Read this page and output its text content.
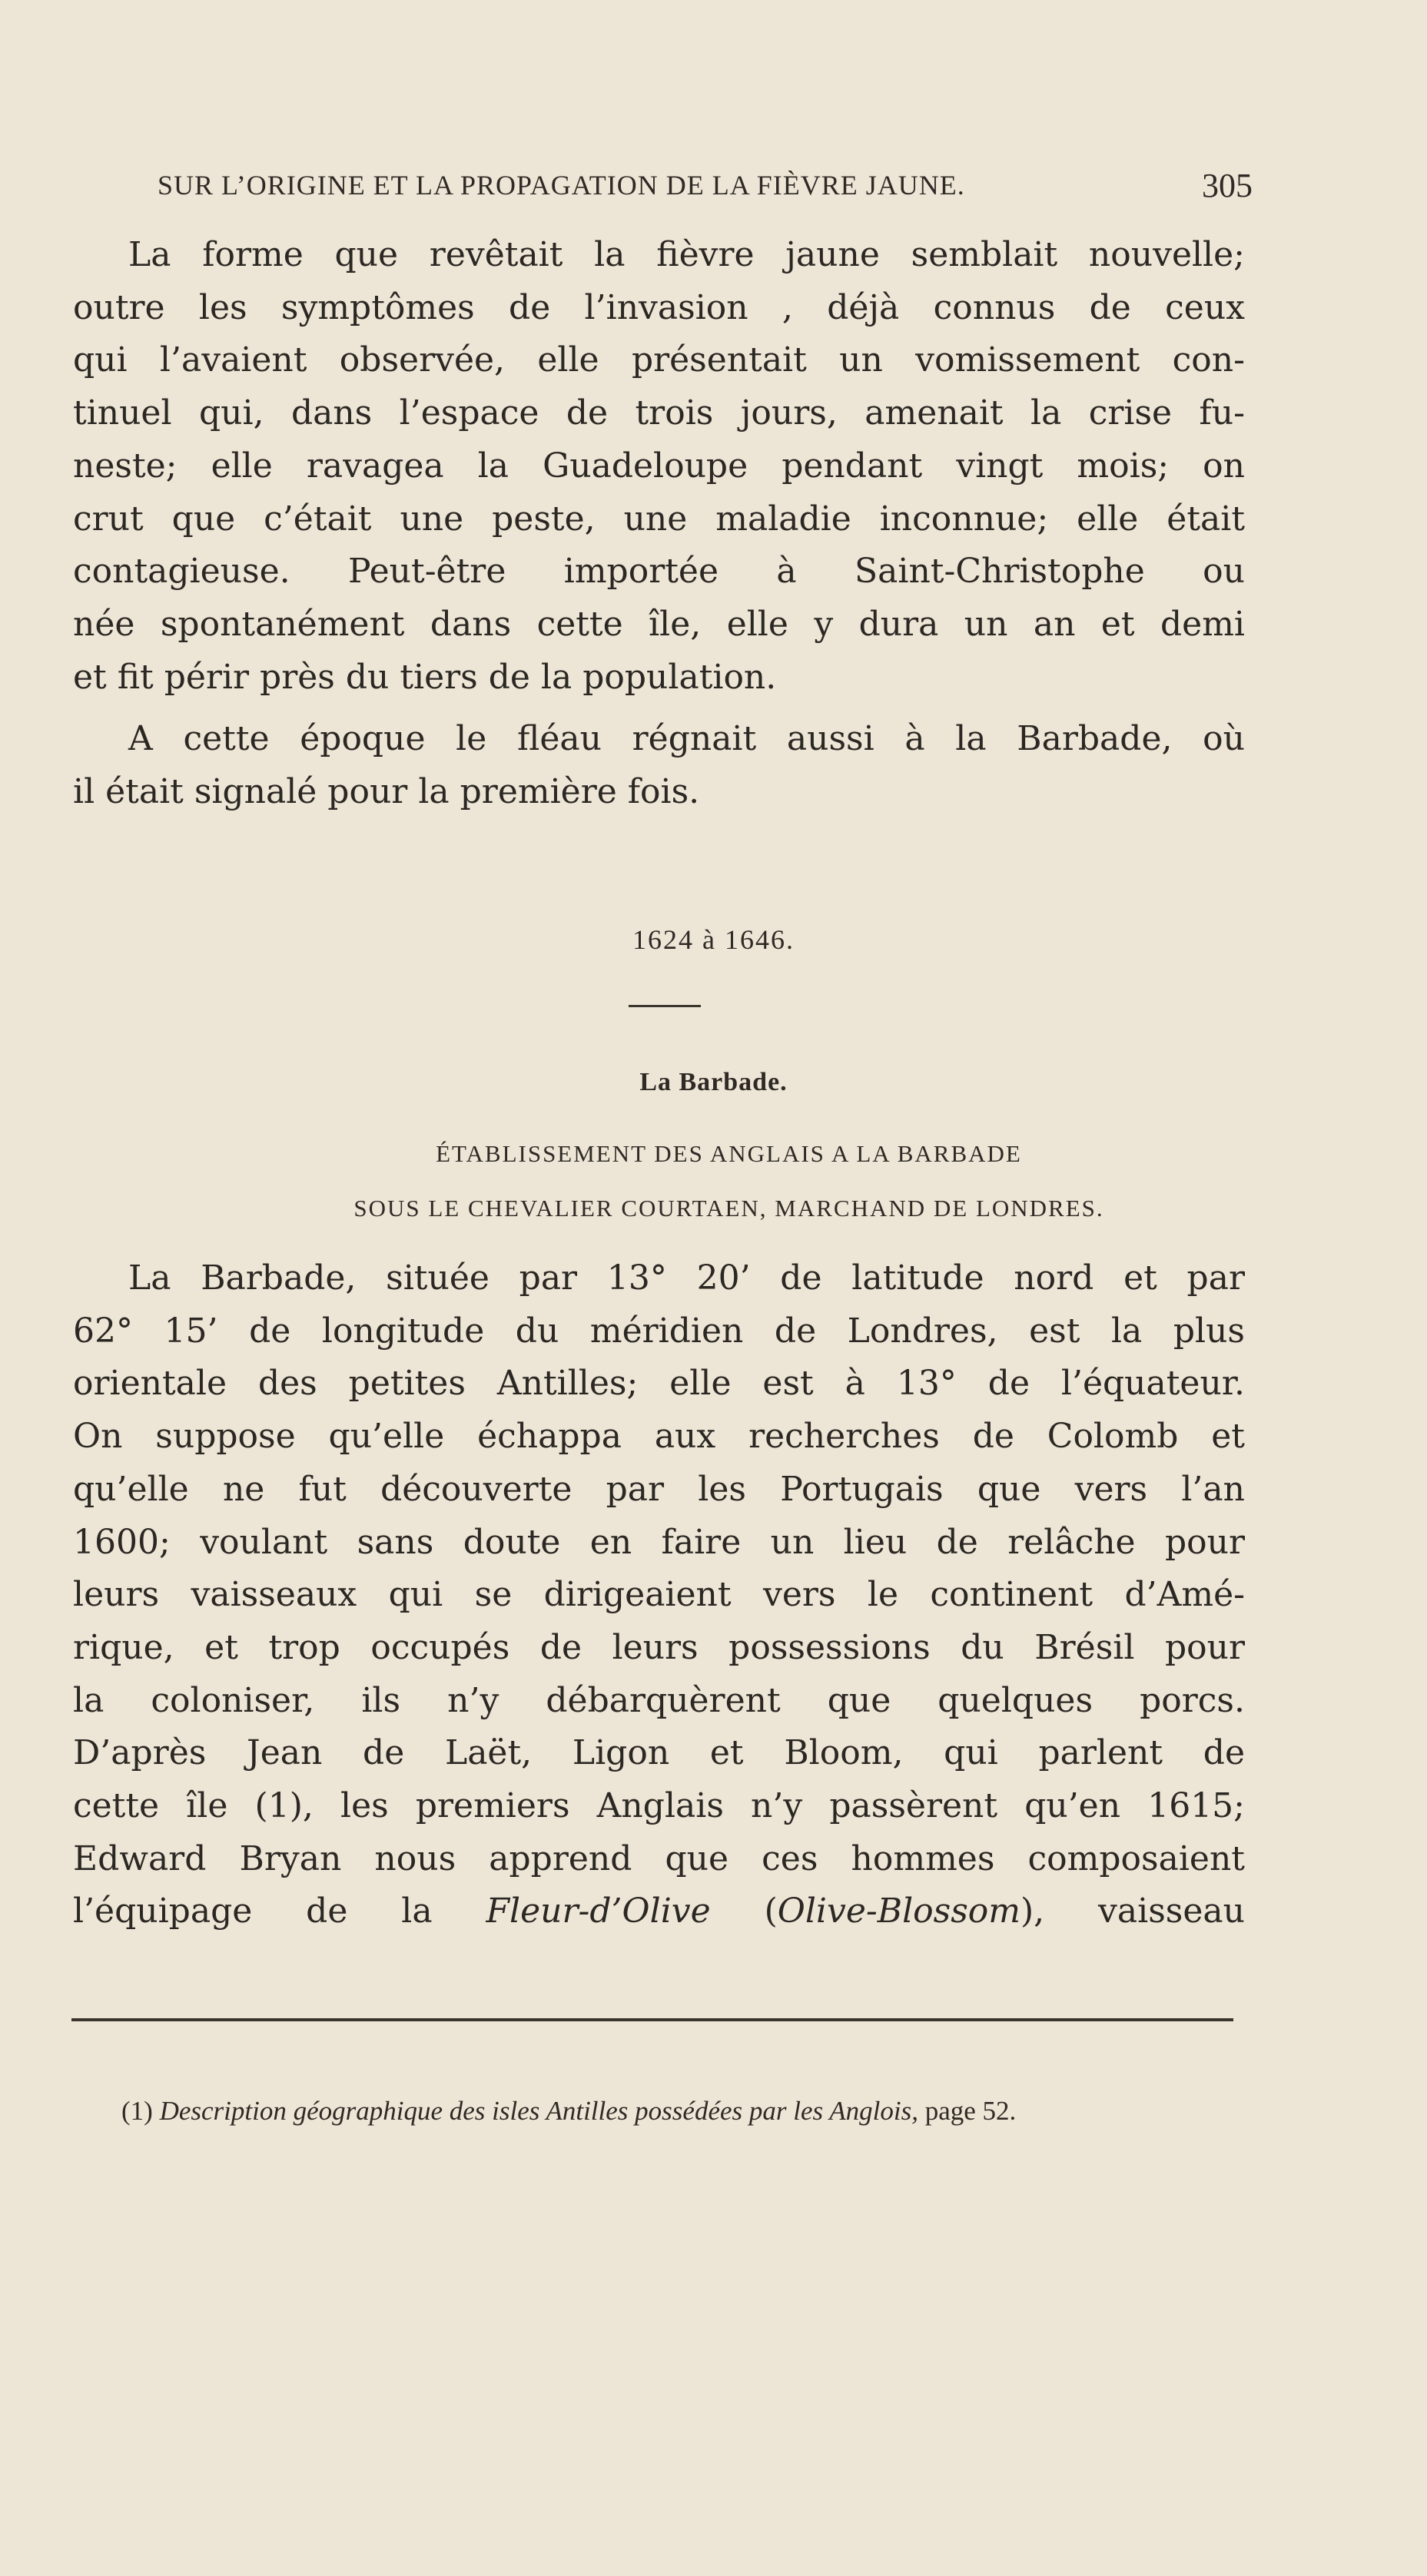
SUR L’ORIGINE ET LA PROPAGATION DE LA FIÈVRE JAUNE.	305
La forme que revêtait la fièvre jaune semblait nouvelle;
outre les symptômes de l’invasion , déjà connus de ceux
qui l’avaient observée, elle présentait un vomissement con-
tinuel qui, dans l’espace de trois jours, amenait la crise fu-
neste; elle ravagea la Guadeloupe pendant vingt mois; on
crut que c’était une peste, une maladie inconnue; elle était
contagieuse. Peut-être importée à Saint-Christophe ou
née spontanément dans cette île, elle y dura un an et demi
et fit périr près du tiers de la population.
A cette époque le fléau régnait aussi à la Barbade, où
il était signalé pour la première fois.
1624 à 1646.
La Barbade.
ÉTABLISSEMENT DES ANGLAIS A LA BARBADE
SOUS LE CHEVALIER COURTAEN, MARCHAND DE LONDRES.
La Barbade, située par 13° 20’ de latitude nord et par
62° 15’ de longitude du méridien de Londres, est la plus
orientale des petites Antilles; elle est à 13° de l’équateur.
On suppose qu’elle échappa aux recherches de Colomb et
qu’elle ne fut découverte par les Portugais que vers l’an
1600; voulant sans doute en faire un lieu de relâche pour
leurs vaisseaux qui se dirigeaient vers le continent d’Amé-
rique, et trop occupés de leurs possessions du Brésil pour
la coloniser, ils n’y débarquèrent que quelques porcs.
D’après Jean de Laët, Ligon et Bloom, qui parlent de
cette île (1), les premiers Anglais n’y passèrent qu’en 1615;
Edward Bryan nous apprend que ces hommes composaient
l’équipage de la Fleur-d’Olive (Olive-Blossom), vaisseau
(1) Description géographique des isles Antilles possédées par les Anglois, page 52.
